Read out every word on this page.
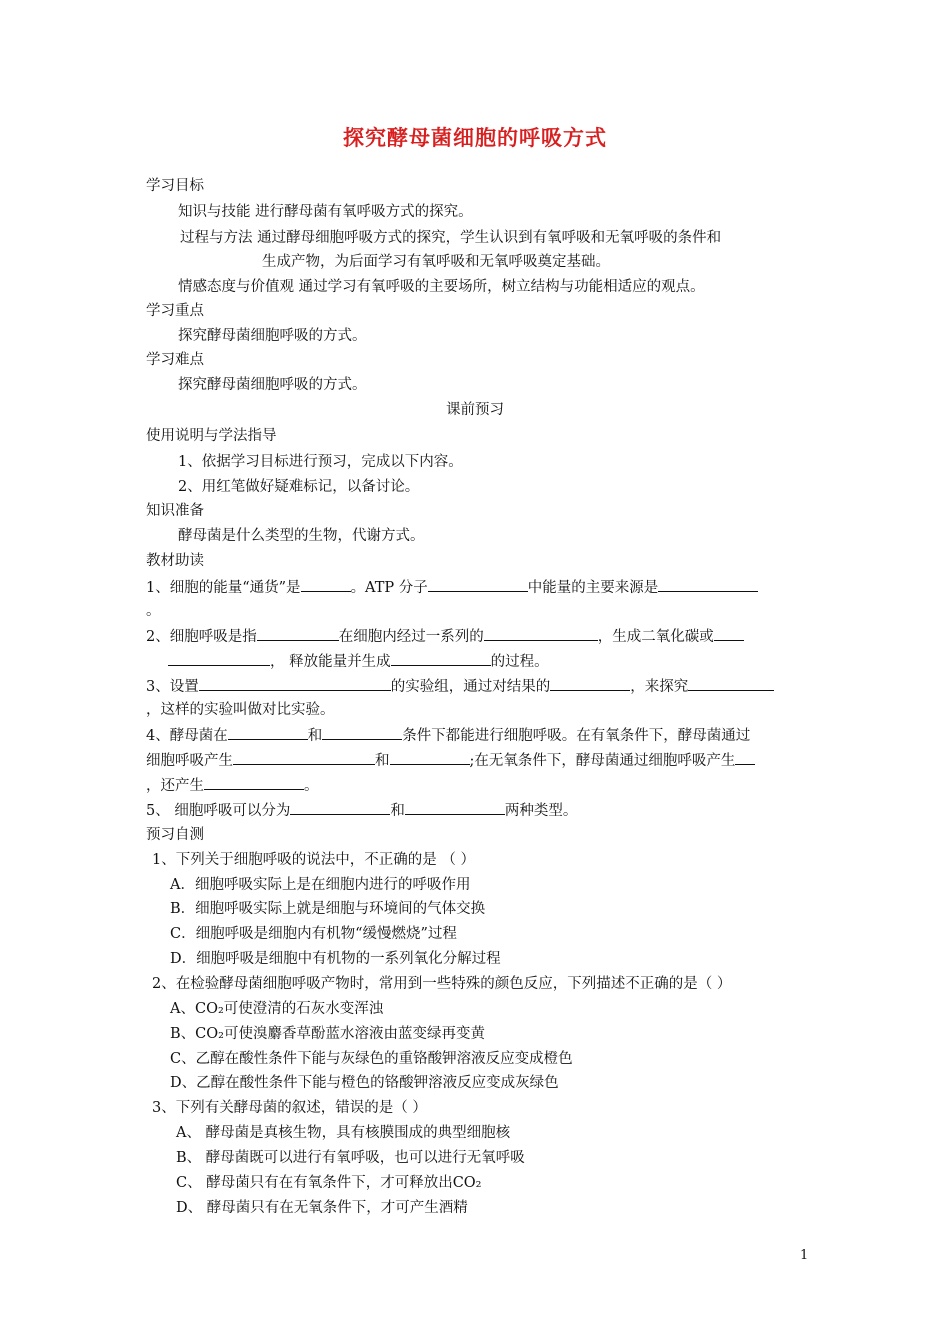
探究酵母菌细胞的呼吸方式
学习目标
知识与技能 进行酵母菌有氧呼吸方式的探究。
过程与方法 通过酵母细胞呼吸方式的探究，学生认识到有氧呼吸和无氧呼吸的条件和
生成产物，为后面学习有氧呼吸和无氧呼吸奠定基础。
情感态度与价值观 通过学习有氧呼吸的主要场所，树立结构与功能相适应的观点。
学习重点
探究酵母菌细胞呼吸的方式。
学习难点
探究酵母菌细胞呼吸的方式。
课前预习
使用说明与学法指导
1、依据学习目标进行预习，完成以下内容。
2、用红笔做好疑难标记，以备讨论。
知识准备
酵母菌是什么类型的生物，代谢方式。
教材助读
1、细胞的能量“通货”是	。ATP 分子	中能量的主要来源是
。
2、细胞呼吸是指	在细胞内经过一系列的	，生成二氧化碳或
， 释放能量并生成	的过程。
3、设置	的实验组，通过对结果的	，来探究
，这样的实验叫做对比实验。
4、酵母菌在	和	条件下都能进行细胞呼吸。在有氧条件下，酵母菌通过
细胞呼吸产生	和	;在无氧条件下，酵母菌通过细胞呼吸产生
，还产生	。
5、 细胞呼吸可以分为	和	两种类型。
预习自测
1、下列关于细胞呼吸的说法中，不正确的是 （ ）
A．细胞呼吸实际上是在细胞内进行的呼吸作用
B．细胞呼吸实际上就是细胞与环境间的气体交换
C．细胞呼吸是细胞内有机物“缓慢燃烧”过程
D．细胞呼吸是细胞中有机物的一系列氧化分解过程
2、在检验酵母菌细胞呼吸产物时，常用到一些特殊的颜色反应，下列描述不正确的是（ ）
A、CO₂可使澄清的石灰水变浑浊
B、CO₂可使溴麝香草酚蓝水溶液由蓝变绿再变黄
C、乙醇在酸性条件下能与灰绿色的重铬酸钾溶液反应变成橙色
D、乙醇在酸性条件下能与橙色的铬酸钾溶液反应变成灰绿色
3、下列有关酵母菌的叙述，错误的是（ ）
A、 酵母菌是真核生物，具有核膜围成的典型细胞核
B、 酵母菌既可以进行有氧呼吸，也可以进行无氧呼吸
C、 酵母菌只有在有氧条件下，才可释放出CO₂
D、 酵母菌只有在无氧条件下，才可产生酒精
1
